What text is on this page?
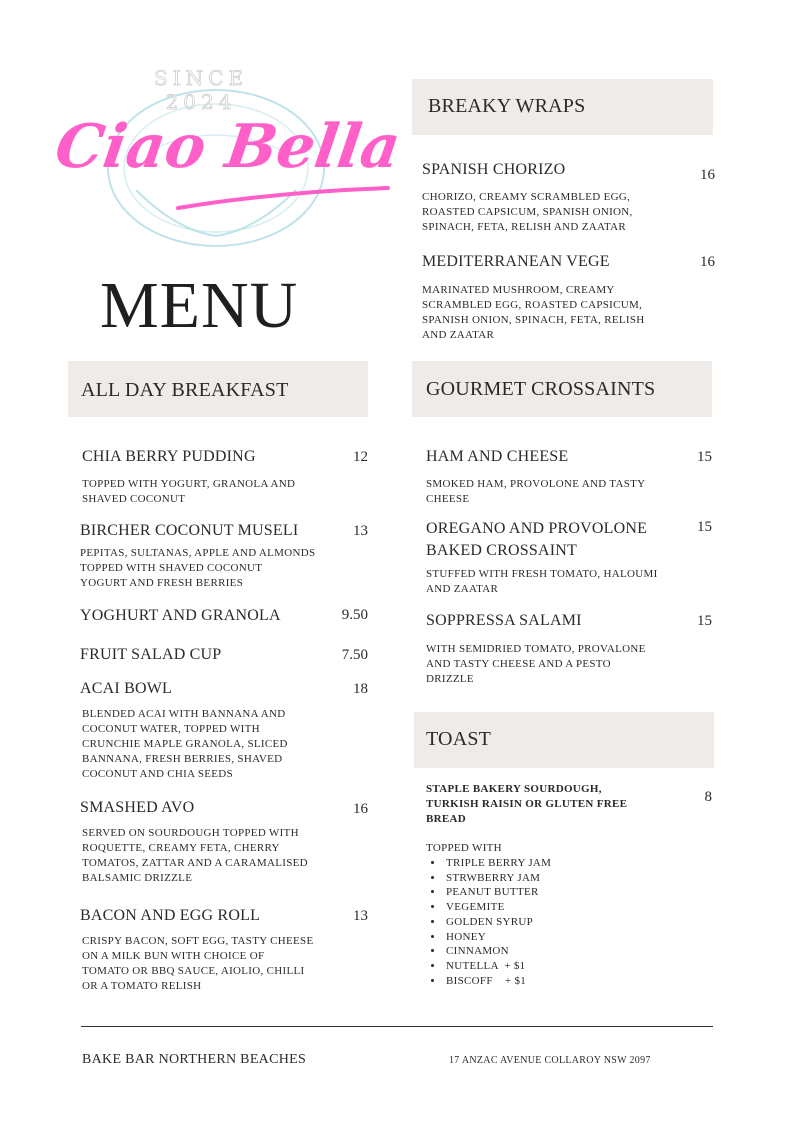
SINCE 2024
Ciao Bella
MENU
ALL DAY BREAKFAST
CHIA BERRY PUDDING	12
TOPPED WITH YOGURT, GRANOLA AND
SHAVED COCONUT
BIRCHER COCONUT MUSELI	13
PEPITAS, SULTANAS, APPLE AND ALMONDS
TOPPED WITH SHAVED COCONUT
YOGURT AND FRESH BERRIES
YOGHURT AND GRANOLA	9.50
FRUIT SALAD CUP	7.50
ACAI BOWL	18
BLENDED ACAI WITH BANNANA AND
COCONUT WATER, TOPPED WITH
CRUNCHIE MAPLE GRANOLA, SLICED
BANNANA, FRESH BERRIES, SHAVED
COCONUT AND CHIA SEEDS
SMASHED AVO	16
SERVED ON SOURDOUGH TOPPED WITH
ROQUETTE, CREAMY FETA, CHERRY
TOMATOS, ZATTAR AND A CARAMALISED
BALSAMIC DRIZZLE
BACON AND EGG ROLL	13
CRISPY BACON, SOFT EGG, TASTY CHEESE
ON A MILK BUN WITH CHOICE OF
TOMATO OR BBQ SAUCE, AIOLIO, CHILLI
OR A TOMATO RELISH
BREAKY WRAPS
SPANISH CHORIZO	16
CHORIZO, CREAMY SCRAMBLED EGG,
ROASTED CAPSICUM, SPANISH ONION,
SPINACH, FETA, RELISH AND ZAATAR
MEDITERRANEAN VEGE	16
MARINATED MUSHROOM, CREAMY
SCRAMBLED EGG, ROASTED CAPSICUM,
SPANISH ONION, SPINACH, FETA, RELISH
AND ZAATAR
GOURMET CROSSAINTS
HAM AND CHEESE	15
SMOKED HAM, PROVOLONE AND TASTY
CHEESE
OREGANO AND PROVOLONE
BAKED CROSSAINT
15
STUFFED WITH FRESH TOMATO, HALOUMI
AND ZAATAR
SOPPRESSA SALAMI	15
WITH SEMIDRIED TOMATO, PROVALONE
AND TASTY CHEESE AND A PESTO
DRIZZLE
TOAST
STAPLE BAKERY SOURDOUGH,
TURKISH RAISIN OR GLUTEN FREE
BREAD
8
TOPPED WITH
• TRIPLE BERRY JAM
• STRWBERRY JAM
• PEANUT BUTTER
• VEGEMITE
• GOLDEN SYRUP
• HONEY
• CINNAMON
• NUTELLA  + $1
• BISCOFF    + $1
BAKE BAR NORTHERN BEACHES	17 ANZAC AVENUE COLLAROY NSW 2097
